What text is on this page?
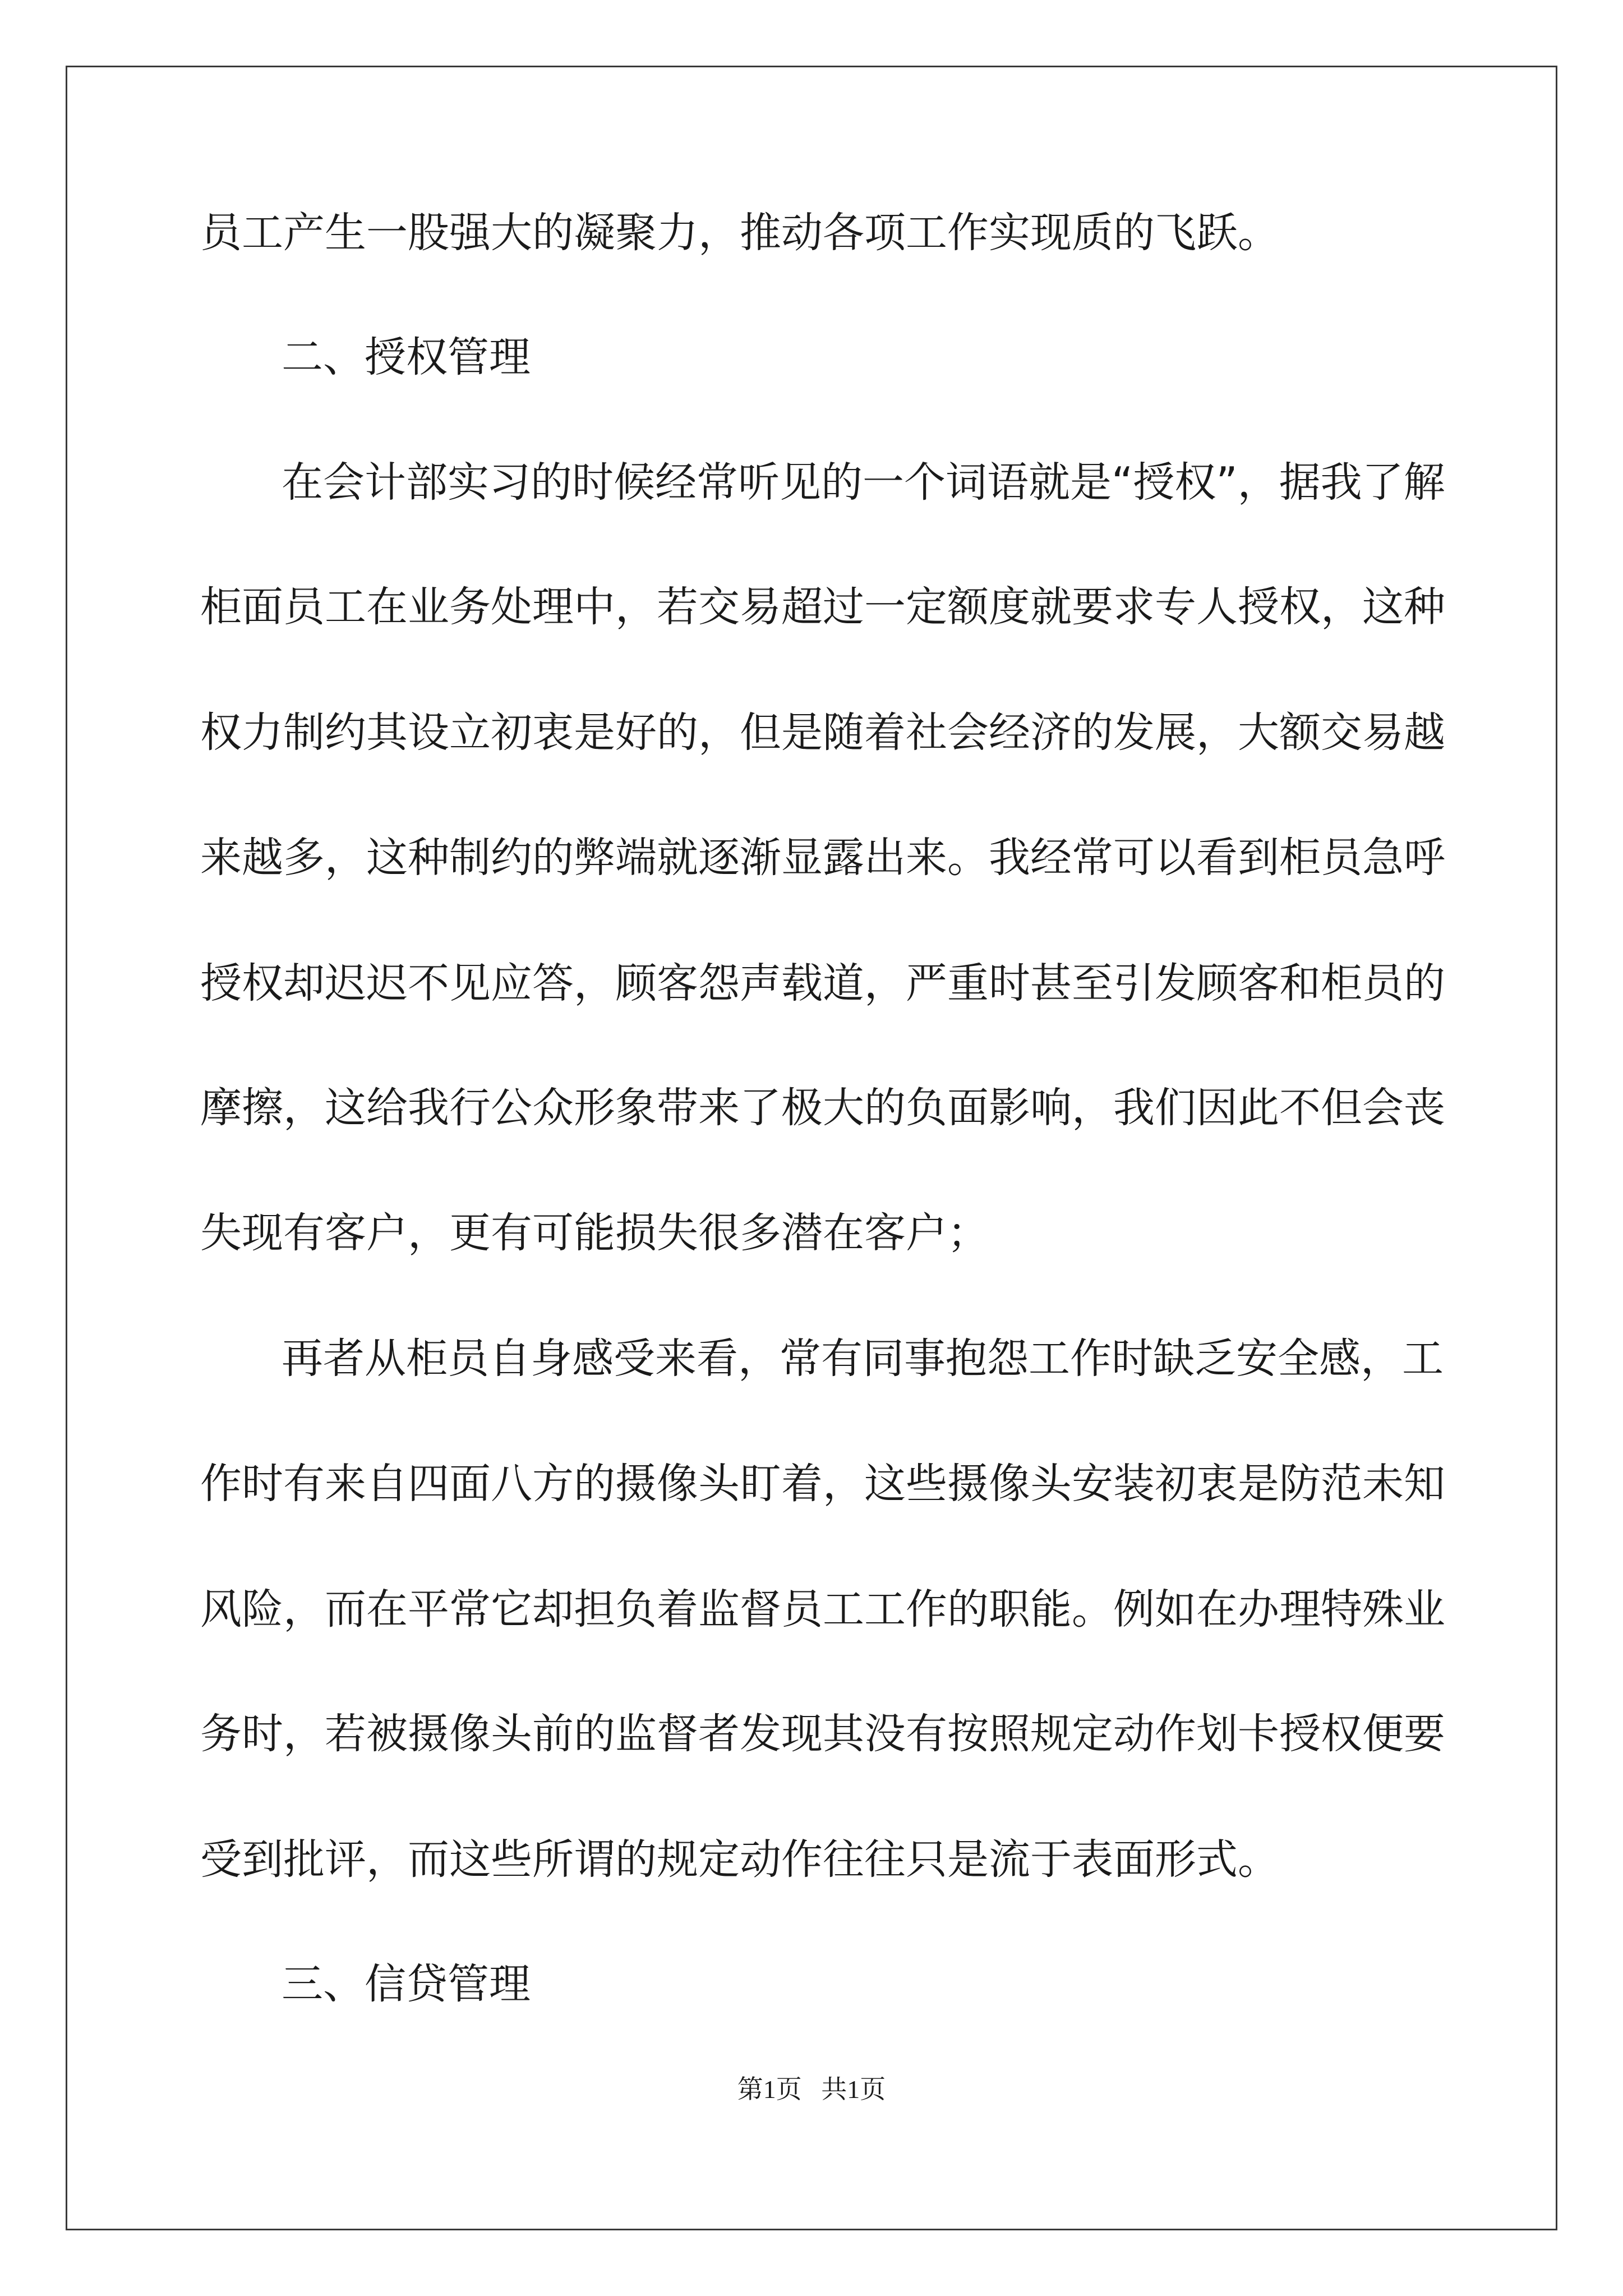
员工产生一股强大的凝聚力，推动各项工作实现质的飞跃。

二、授权管理

在会计部实习的时候经常听见的一个词语就是“授权”，据我了解

柜面员工在业务处理中，若交易超过一定额度就要求专人授权，这种

权力制约其设立初衷是好的，但是随着社会经济的发展，大额交易越

来越多，这种制约的弊端就逐渐显露出来。我经常可以看到柜员急呼

授权却迟迟不见应答，顾客怨声载道，严重时甚至引发顾客和柜员的

摩擦，这给我行公众形象带来了极大的负面影响，我们因此不但会丧

失现有客户，更有可能损失很多潜在客户；

再者从柜员自身感受来看，常有同事抱怨工作时缺乏安全感，工

作时有来自四面八方的摄像头盯着，这些摄像头安装初衷是防范未知

风险，而在平常它却担负着监督员工工作的职能。例如在办理特殊业

务时，若被摄像头前的监督者发现其没有按照规定动作划卡授权便要

受到批评，而这些所谓的规定动作往往只是流于表面形式。

三、信贷管理

第1页   共1页
